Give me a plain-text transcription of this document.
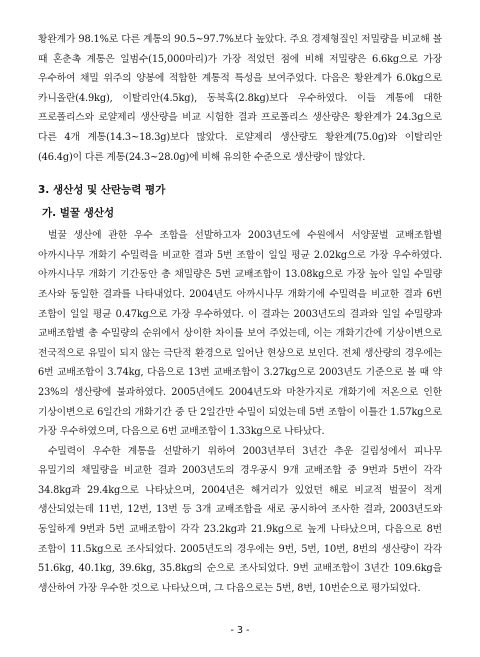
황완계가 98.1%로 다른 계통의 90.5~97.7%보다 높았다. 주요 경제형질인 저밀량을 비교해 볼 때 혼춘촉 계통은 일범수(15,000마리)가 가장 적었던 점에 비해 저밀량은 6.6kg으로 가장 우수하여 채밀 위주의 양봉에 적합한 계통적 특성을 보여주었다. 다음은 황완계가 6.0kg으로 카니올란(4.9kg), 이탈리안(4.5kg), 동북흑(2.8kg)보다 우수하였다. 이들 계통에 대한 프로폴리스와 로얄제리 생산량을 비교 시험한 결과 프로폴리스 생산량은 황완계가 24.3g으로 다른 4개 계통(14.3~18.3g)보다 많았다. 로얄제리 생산량도 황완계(75.0g)와 이탈리안(46.4g)이 다른 계통(24.3~28.0g)에 비해 유의한 수준으로 생산량이 많았다.

3. 생산성 및 산란능력 평가
가. 벌꿀 생산성

벌꿀 생산에 관한 우수 조합을 선발하고자 2003년도에 수원에서 서양꿀벌 교배조합별 아까시나무 개화기 수밀력을 비교한 결과 5번 조합이 일일 평균 2.02kg으로 가장 우수하였다. 아까시나무 개화기 기간동안 총 채밀량은 5번 교배조합이 13.08kg으로 가장 높아 일일 수밀량 조사와 동일한 결과를 나타내었다. 2004년도 아까시나무 개화기에 수밀력을 비교한 결과 6번 조합이 일일 평균 0.47kg으로 가장 우수하였다. 이 결과는 2003년도의 결과와 일일 수밀량과 교배조합별 총 수밀량의 순위에서 상이한 차이를 보여 주었는데, 이는 개화기간에 기상이변으로 전국적으로 유밀이 되지 않는 극단적 환경으로 일어난 현상으로 보인다. 전체 생산량의 경우에는 6번 교배조합이 3.74kg, 다음으로 13번 교배조합이 3.27kg으로 2003년도 기준으로 볼 때 약 23%의 생산량에 불과하였다. 2005년에도 2004년도와 마찬가지로 개화기에 저온으로 인한 기상이변으로 6일간의 개화기간 중 단 2일간만 수밀이 되었는데 5번 조합이 이틀간 1.57kg으로 가장 우수하였으며, 다음으로 6번 교배조합이 1.33kg으로 나타났다.

수밀력이 우수한 계통을 선발하기 위하여 2003년부터 3년간 추운 길림성에서 피나무 유밀기의 채밀량을 비교한 결과 2003년도의 경우공시 9개 교배조합 중 9번과 5번이 각각 34.8kg과 29.4kg으로 나타났으며, 2004년은 해거리가 있었던 해로 비교적 벌꿀이 적게 생산되었는데 11번, 12번, 13번 등 3개 교배조합을 새로 공시하여 조사한 결과, 2003년도와 동일하게 9번과 5번 교배조합이 각각 23.2kg과 21.9kg으로 높게 나타났으며, 다음으로 8번 조합이 11.5kg으로 조사되었다. 2005년도의 경우에는 9번, 5번, 10번, 8번의 생산량이 각각 51.6kg, 40.1kg, 39.6kg, 35.8kg의 순으로 조사되었다. 9번 교배조합이 3년간 109.6kg을 생산하여 가장 우수한 것으로 나타났으며, 그 다음으로는 5번, 8번, 10번순으로 평가되었다.

- 3 -
